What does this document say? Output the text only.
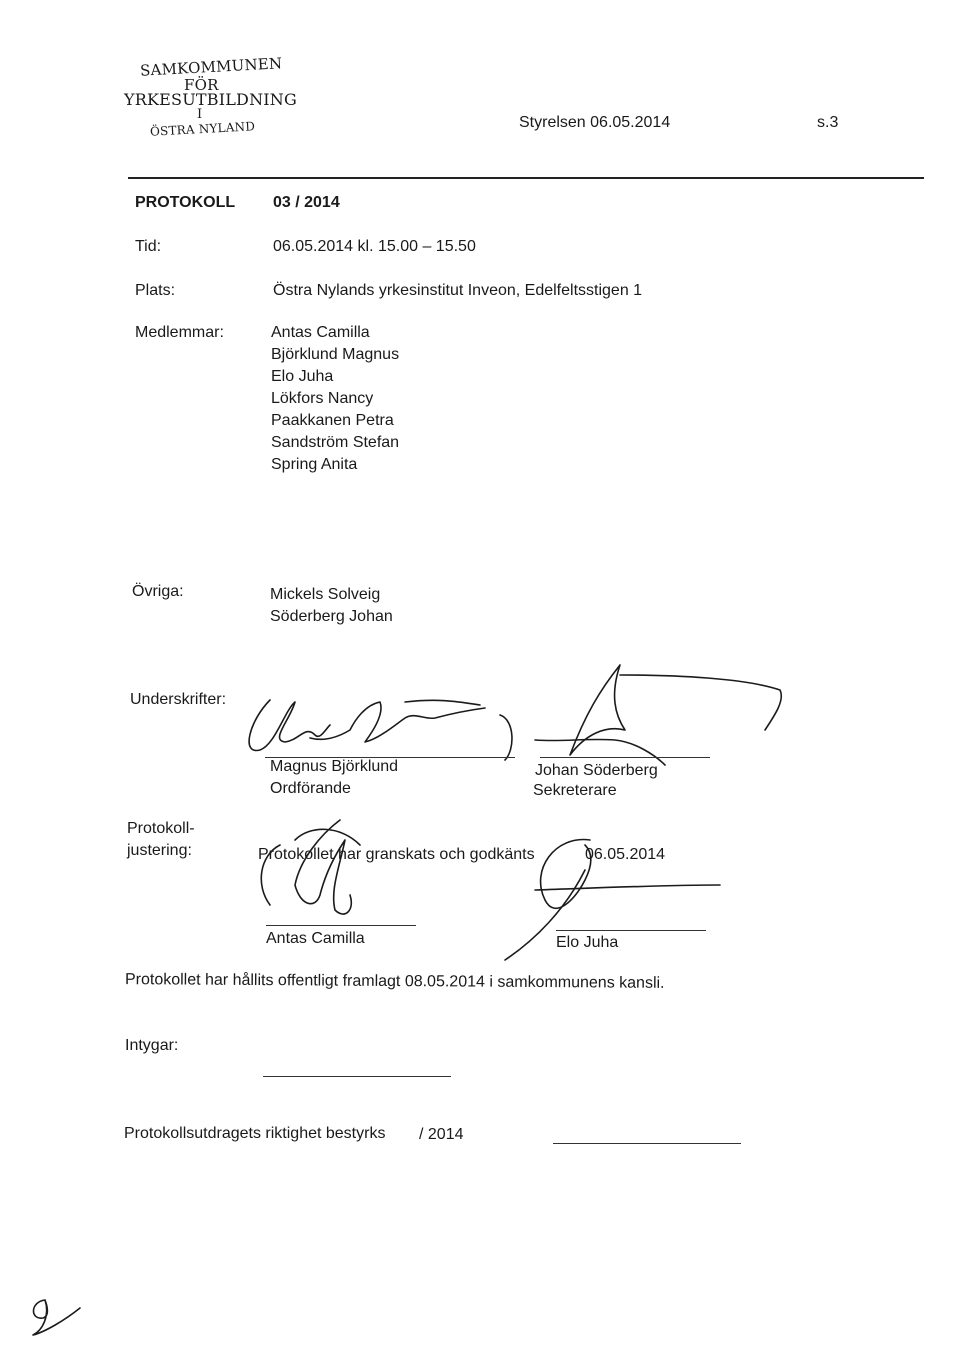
SAMKOMMUNEN
FÖR
YRKESUTBILDNING
I
ÖSTRA NYLAND	Styrelsen 06.05.2014	s.3
PROTOKOLL 03 / 2014
Tid:	06.05.2014 kl. 15.00 – 15.50
Plats:	Östra Nylands yrkesinstitut Inveon, Edelfeltsstigen 1
Medlemmar:	Antas Camilla
Björklund Magnus
Elo Juha
Lökfors Nancy
Paakkanen Petra
Sandström Stefan
Spring Anita
Övriga:	Mickels Solveig
Söderberg Johan
Underskrifter:
Magnus Björklund
Ordförande
Johan Söderberg
Sekreterare
Protokoll-
justering:	Protokollet har granskats och godkänts	06.05.2014
Antas Camilla	Elo Juha
Protokollet har hållits offentligt framlagt 08.05.2014 i samkommunens kansli.
Intygar:
Protokollsutdragets riktighet bestyrks / 2014
